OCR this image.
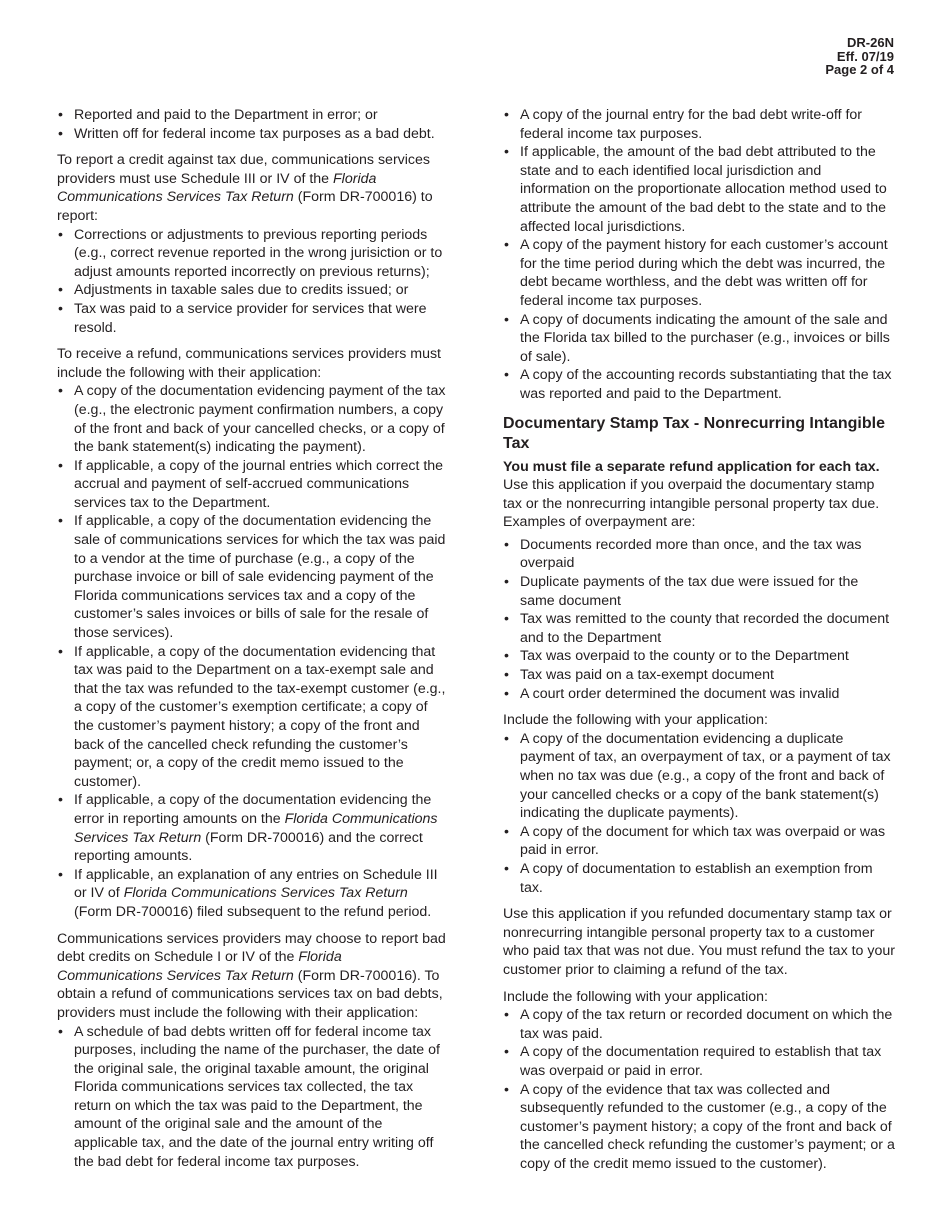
DR-26N
Eff. 07/19
Page 2 of 4
• Reported and paid to the Department in error; or
• Written off for federal income tax purposes as a bad debt.

To report a credit against tax due, communications services providers must use Schedule III or IV of the Florida Communications Services Tax Return (Form DR-700016) to report:

• Corrections or adjustments to previous reporting periods (e.g., correct revenue reported in the wrong jurisiction or to adjust amounts reported incorrectly on previous returns);
• Adjustments in taxable sales due to credits issued; or
• Tax was paid to a service provider for services that were resold.

To receive a refund, communications services providers must include the following with their application:

• A copy of the documentation evidencing payment of the tax (e.g., the electronic payment confirmation numbers, a copy of the front and back of your cancelled checks, or a copy of the bank statement(s) indicating the payment).
• If applicable, a copy of the journal entries which correct the accrual and payment of self-accrued communications services tax to the Department.
• If applicable, a copy of the documentation evidencing the sale of communications services for which the tax was paid to a vendor at the time of purchase (e.g., a copy of the purchase invoice or bill of sale evidencing payment of the Florida communications services tax and a copy of the customer’s sales invoices or bills of sale for the resale of those services).
• If applicable, a copy of the documentation evidencing that tax was paid to the Department on a tax-exempt sale and that the tax was refunded to the tax-exempt customer (e.g., a copy of the customer’s exemption certificate; a copy of the customer’s payment history; a copy of the front and back of the cancelled check refunding the customer’s payment; or, a copy of the credit memo issued to the customer).
• If applicable, a copy of the documentation evidencing the error in reporting amounts on the Florida Communications Services Tax Return (Form DR-700016) and the correct reporting amounts.
• If applicable, an explanation of any entries on Schedule III or IV of Florida Communications Services Tax Return (Form DR-700016) filed subsequent to the refund period.

Communications services providers may choose to report bad debt credits on Schedule I or IV of the Florida Communications Services Tax Return (Form DR-700016). To obtain a refund of communications services tax on bad debts, providers must include the following with their application:

• A schedule of bad debts written off for federal income tax purposes, including the name of the purchaser, the date of the original sale, the original taxable amount, the original Florida communications services tax collected, the tax return on which the tax was paid to the Department, the amount of the original sale and the amount of the applicable tax, and the date of the journal entry writing off the bad debt for federal income tax purposes.
• A copy of the journal entry for the bad debt write-off for federal income tax purposes.
• If applicable, the amount of the bad debt attributed to the state and to each identified local jurisdiction and information on the proportionate allocation method used to attribute the amount of the bad debt to the state and to the affected local jurisdictions.
• A copy of the payment history for each customer’s account for the time period during which the debt was incurred, the debt became worthless, and the debt was written off for federal income tax purposes.
• A copy of documents indicating the amount of the sale and the Florida tax billed to the purchaser (e.g., invoices or bills of sale).
• A copy of the accounting records substantiating that the tax was reported and paid to the Department.
Documentary Stamp Tax - Nonrecurring Intangible Tax
You must file a separate refund application for each tax.

Use this application if you overpaid the documentary stamp tax or the nonrecurring intangible personal property tax due. Examples of overpayment are:

• Documents recorded more than once, and the tax was overpaid
• Duplicate payments of the tax due were issued for the same document
• Tax was remitted to the county that recorded the document and to the Department
• Tax was overpaid to the county or to the Department
• Tax was paid on a tax-exempt document
• A court order determined the document was invalid

Include the following with your application:

• A copy of the documentation evidencing a duplicate payment of tax, an overpayment of tax, or a payment of tax when no tax was due (e.g., a copy of the front and back of your cancelled checks or a copy of the bank statement(s) indicating the duplicate payments).
• A copy of the document for which tax was overpaid or was paid in error.
• A copy of documentation to establish an exemption from tax.

Use this application if you refunded documentary stamp tax or nonrecurring intangible personal property tax to a customer who paid tax that was not due. You must refund the tax to your customer prior to claiming a refund of the tax.

Include the following with your application:

• A copy of the tax return or recorded document on which the tax was paid.
• A copy of the documentation required to establish that tax was overpaid or paid in error.
• A copy of the evidence that tax was collected and subsequently refunded to the customer (e.g., a copy of the customer’s payment history; a copy of the front and back of the cancelled check refunding the customer’s payment; or a copy of the credit memo issued to the customer).
